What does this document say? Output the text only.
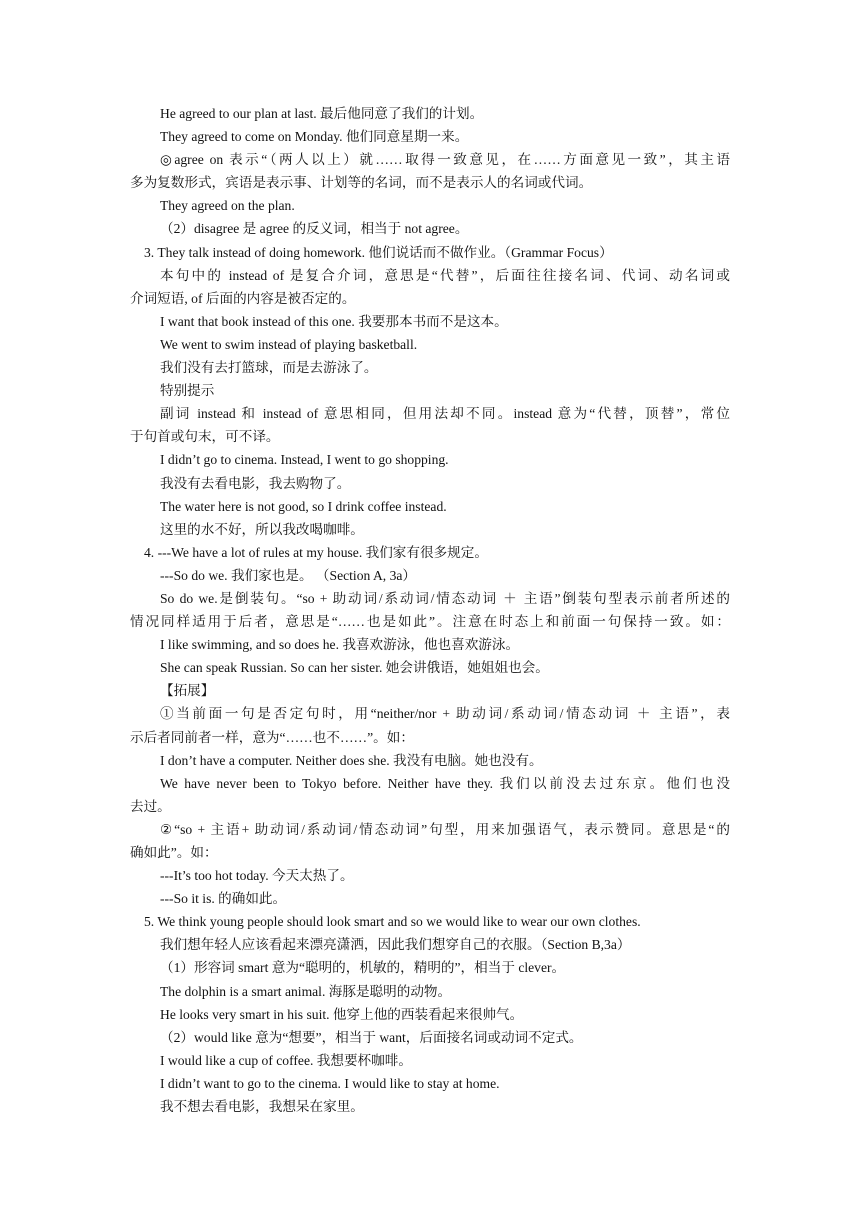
He agreed to our plan at last. 最后他同意了我们的计划。
They agreed to come on Monday. 他们同意星期一来。
◎agree on 表示“（两人以上）就……取得一致意见，在……方面意见一致”，其主语
多为复数形式，宾语是表示事、计划等的名词，而不是表示人的名词或代词。
They agreed on the plan.
（2）disagree 是 agree 的反义词，相当于 not agree。
3. They talk instead of doing homework. 他们说话而不做作业。（Grammar Focus）
本句中的 instead of 是复合介词，意思是“代替”，后面往往接名词、代词、动名词或
介词短语, of 后面的内容是被否定的。
I want that book instead of this one. 我要那本书而不是这本。
We went to swim instead of playing basketball.
我们没有去打篮球，而是去游泳了。
特别提示
副词 instead 和 instead of 意思相同，但用法却不同。instead 意为“代替，顶替”，常位
于句首或句末，可不译。
I didn’t go to cinema. Instead, I went to go shopping.
我没有去看电影，我去购物了。
The water here is not good, so I drink coffee instead.
这里的水不好，所以我改喝咖啡。
4. ---We have a lot of rules at my house. 我们家有很多规定。
---So do we. 我们家也是。 （Section A, 3a）
So do we.是倒装句。“so + 助动词/系动词/情态动词 ＋ 主语”倒装句型表示前者所述的
情况同样适用于后者，意思是“……也是如此”。注意在时态上和前面一句保持一致。如：
I like swimming, and so does he. 我喜欢游泳，他也喜欢游泳。
She can speak Russian. So can her sister. 她会讲俄语，她姐姐也会。
【拓展】
①当前面一句是否定句时，用“neither/nor + 助动词/系动词/情态动词 ＋ 主语”，表
示后者同前者一样，意为“……也不……”。如：
I don’t have a computer. Neither does she. 我没有电脑。她也没有。
We have never been to Tokyo before. Neither have they. 我们以前没去过东京。他们也没
去过。
②“so + 主语+ 助动词/系动词/情态动词”句型，用来加强语气，表示赞同。意思是“的
确如此”。如：
---It’s too hot today. 今天太热了。
---So it is. 的确如此。
5. We think young people should look smart and so we would like to wear our own clothes.
我们想年轻人应该看起来漂亮潇洒，因此我们想穿自己的衣服。（Section B,3a）
（1）形容词 smart 意为“聪明的，机敏的，精明的”，相当于 clever。
The dolphin is a smart animal. 海豚是聪明的动物。
He looks very smart in his suit. 他穿上他的西装看起来很帅气。
（2）would like 意为“想要”，相当于 want，后面接名词或动词不定式。
I would like a cup of coffee. 我想要杯咖啡。
I didn’t want to go to the cinema. I would like to stay at home.
我不想去看电影，我想呆在家里。
